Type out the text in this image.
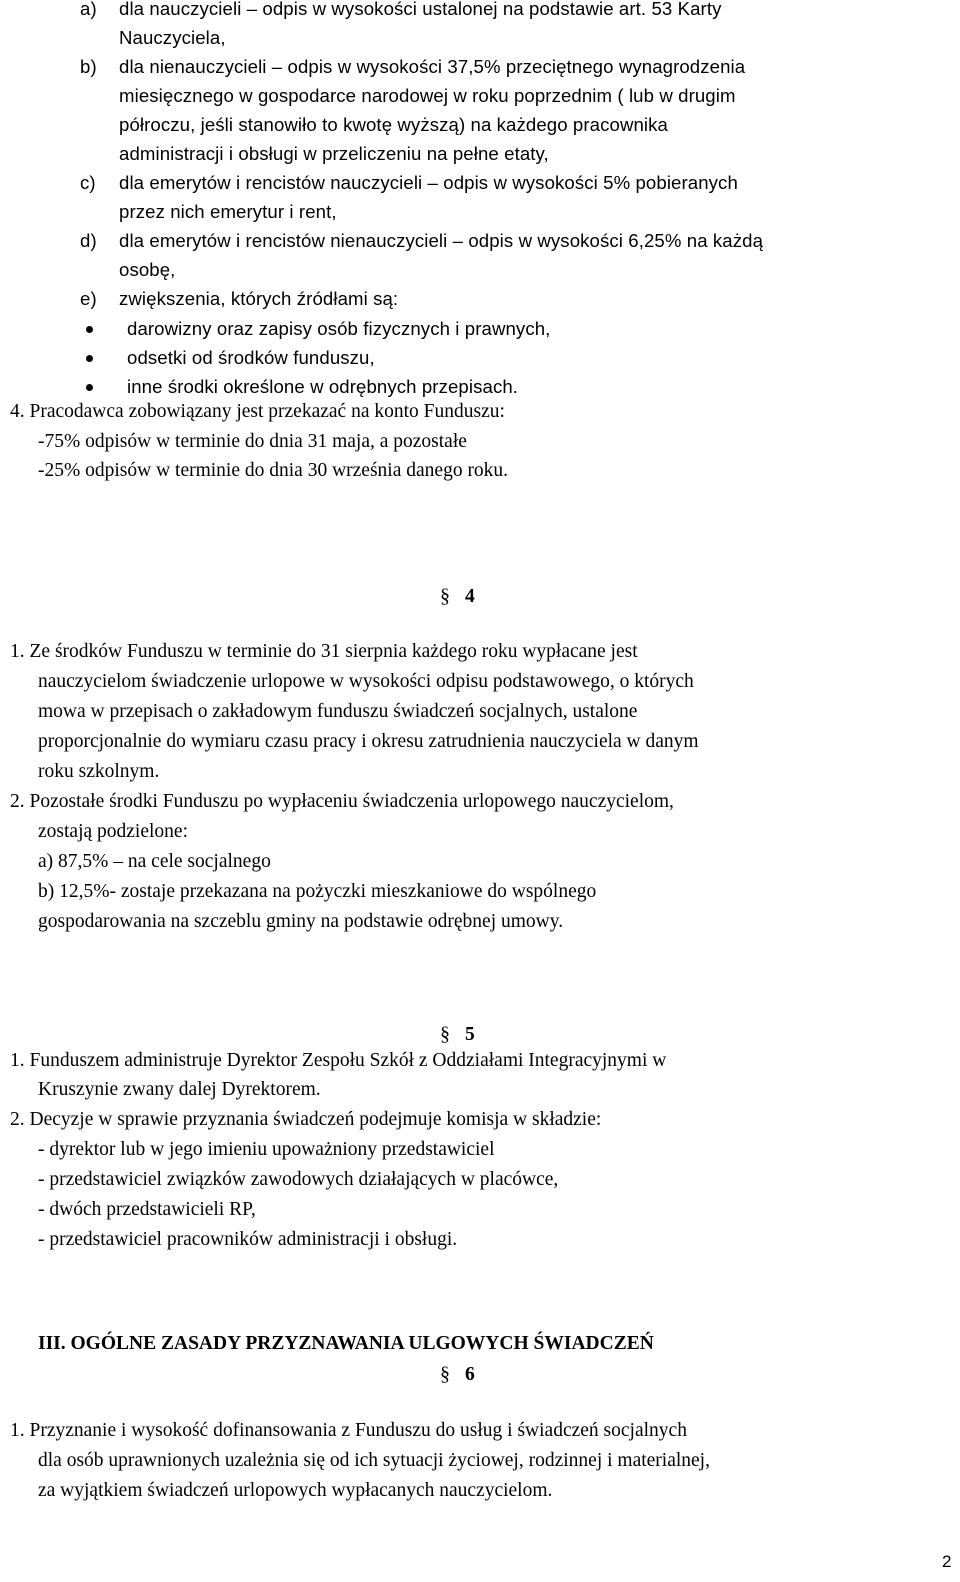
a) dla nauczycieli – odpis w wysokości ustalonej na podstawie art. 53 Karty
Nauczyciela,
b) dla nienauczycieli – odpis w wysokości 37,5% przeciętnego wynagrodzenia
miesięcznego w gospodarce narodowej w roku poprzednim ( lub w drugim
półroczu, jeśli stanowiło to kwotę wyższą) na każdego pracownika
administracji i obsługi w przeliczeniu na pełne etaty,
c) dla emerytów i rencistów nauczycieli – odpis w wysokości 5% pobieranych
przez nich emerytur i rent,
d) dla emerytów i rencistów nienauczycieli – odpis w wysokości 6,25% na każdą
osobę,
e) zwiększenia, których źródłami są:
darowizny oraz zapisy osób fizycznych i prawnych,
odsetki od środków funduszu,
inne środki określone w odrębnych przepisach.
4. Pracodawca zobowiązany jest przekazać na konto Funduszu:
-75% odpisów w terminie do dnia 31 maja, a pozostałe
-25% odpisów w terminie do dnia 30 września danego roku.
§ 4
1. Ze środków Funduszu w terminie do 31 sierpnia każdego roku wypłacane jest
nauczycielom świadczenie urlopowe w wysokości odpisu podstawowego, o których
mowa w przepisach o zakładowym funduszu świadczeń socjalnych, ustalone
proporcjonalnie do wymiaru czasu pracy i okresu zatrudnienia nauczyciela w danym
roku szkolnym.
2. Pozostałe środki Funduszu po wypłaceniu świadczenia urlopowego nauczycielom,
zostają podzielone:
a) 87,5% – na cele socjalnego
b) 12,5%- zostaje przekazana na pożyczki mieszkaniowe do wspólnego
gospodarowania na szczeblu gminy na podstawie odrębnej umowy.
§ 5
1. Funduszem administruje Dyrektor Zespołu Szkół z Oddziałami Integracyjnymi w
Kruszynie zwany dalej Dyrektorem.
2. Decyzje w sprawie przyznania świadczeń podejmuje komisja w składzie:
- dyrektor lub w jego imieniu upoważniony przedstawiciel
- przedstawiciel związków zawodowych działających w placówce,
- dwóch przedstawicieli RP,
- przedstawiciel pracowników administracji i obsługi.
III. OGÓLNE ZASADY PRZYZNAWANIA ULGOWYCH ŚWIADCZEŃ
§ 6
1. Przyznanie i wysokość dofinansowania z Funduszu do usług i świadczeń socjalnych
dla osób uprawnionych uzależnia się od ich sytuacji życiowej, rodzinnej i materialnej,
za wyjątkiem świadczeń urlopowych wypłacanych nauczycielom.
2
